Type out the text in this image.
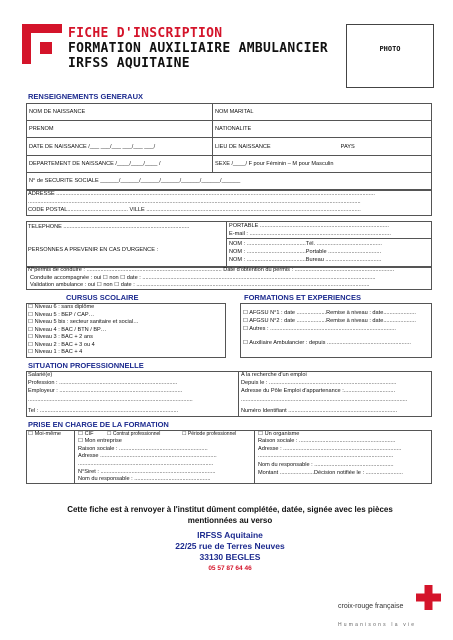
FICHE D'INSCRIPTION
FORMATION AUXILIAIRE AMBULANCIER
IRFSS AQUITAINE
PHOTO
RENSEIGNEMENTS GENERAUX
NOM DE NAISSANCE	NOM MARITAL
PRENOM	NATIONALITE
DATE DE NAISSANCE /___ ___/___ ___/___ ___/	LIEU DE NAISSANCE PAYS
DEPARTEMENT DE NAISSANCE /____/____/____ /	SEXE /____/ F pour Féminin – M pour Masculin
N° de SECURITE SOCIALE ______/______/______/______/______/______/______	
ADRESSE .............................................................................................................................................................................................................
......................................................................................................................................................................................................................
CODE POSTAL....................................... VILLE ..........................................................................................................................................
TELEPHONE .................................................................................	PORTABLE ...................................................................................
E-mail : ...........................................................................................
PERSONNES A PREVENIR EN CAS D'URGENCE :
NOM : ......................................Tél. ..........................................
NOM : ......................................Portable ..................................
NOM : ......................................Bureau ....................................
N°permis de conduire : ....................................................................................... Date d'obtention du permis : ................................................................
Conduite accompagnée : oui ☐ non ☐ date : ......................................................................................................................................................
Validation ambulance : oui ☐ non ☐ date : ......................................................................................................................................................
CURSUS SCOLAIRE	FORMATIONS ET EXPERIENCES
☐ Niveau 6 : sans diplôme
☐ Niveau 5 : BEP / CAP…
☐ Niveau 5 bis : secteur sanitaire et social…
☐ Niveau 4 : BAC / BTN / BP…
☐ Niveau 3 : BAC + 2 ans
☐ Niveau 2 : BAC + 3 ou 4
☐ Niveau 1 : BAC + 4
☐ AFGSU N°1 : date ...................Remise à niveau : date.....................
☐ AFGSU N°2 : date ...................Remise à niveau : date.....................
☐ Autres : .................................................................................
☐ Auxiliaire Ambulancier : depuis ......................................................
SITUATION PROFESSIONNELLE
Salarié(e)
Profession : ............................................................................
Employeur : ...............................................................................
..........................................................................................................
Tel : .........................................................................................
A la recherche d'un emploi
Depuis le : ..................................................................................
Adresse du Pôle Emploi d'appartenance :.................................
...........................................................................................................
Numéro Identifiant ......................................................................
PRISE EN CHARGE DE LA FORMATION
☐ Moi-même	☐ CIF	☐ Contrat professionnel	☐ Période professionnel
☐ Mon entreprise
Raison sociale : .........................................................
Adresse ...........................................................................
.......................................................................................
N°Siret : ..........................................................................
Nom du responsable : .................................................
☐ Un organisme
Raison sociale : ..............................................................
Adresse : ............................................................................
.......................................................................................
Nom du responsable : ...................................................
Montant ......................Décision notifiée le : ........................
Cette fiche est à renvoyer à l'institut dûment complétée, datée, signée avec les pièces
mentionnées au verso
IRFSS Aquitaine
22/25 rue de Terres Neuves
33130 BEGLES
05 57 87 64 46
croix-rouge française
Humanisons la vie
